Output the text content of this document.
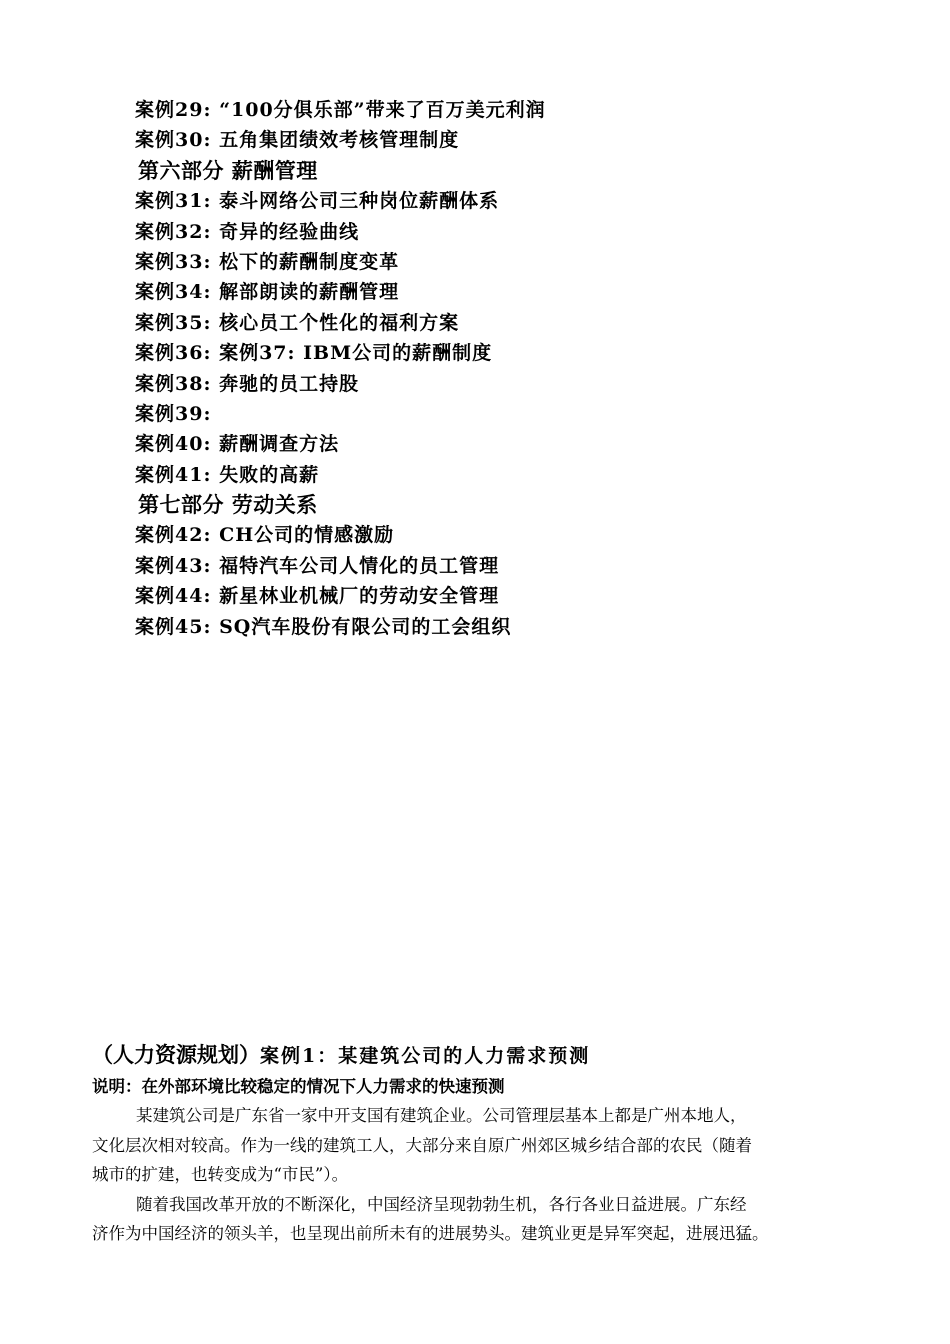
案例29: “100分俱乐部”带来了百万美元利润
案例30: 五角集团绩效考核管理制度
第六部分 薪酬管理
案例31: 泰斗网络公司三种岗位薪酬体系
案例32: 奇异的经验曲线
案例33: 松下的薪酬制度变革
案例34: 解部朗读的薪酬管理
案例35: 核心员工个性化的福利方案
案例36: 案例37: IBM公司的薪酬制度
案例38: 奔驰的员工持股
案例39:
案例40: 薪酬调查方法
案例41: 失败的高薪
第七部分 劳动关系
案例42: CH公司的情感激励
案例43: 福特汽车公司人情化的员工管理
案例44: 新星林业机械厂的劳动安全管理
案例45: SQ汽车股份有限公司的工会组织
（人力资源规划）案例1：某建筑公司的人力需求预测
说明：在外部环境比较稳定的情况下人力需求的快速预测

某建筑公司是广东省一家中开支国有建筑企业。公司管理层基本上都是广州本地人，
文化层次相对较高。作为一线的建筑工人，大部分来自原广州郊区城乡结合部的农民（随着
城市的扩建，也转变成为“市民”）。

随着我国改革开放的不断深化，中国经济呈现勃勃生机，各行各业日益进展。广东经
济作为中国经济的领头羊，也呈现出前所未有的进展势头。建筑业更是异军突起，进展迅猛。
